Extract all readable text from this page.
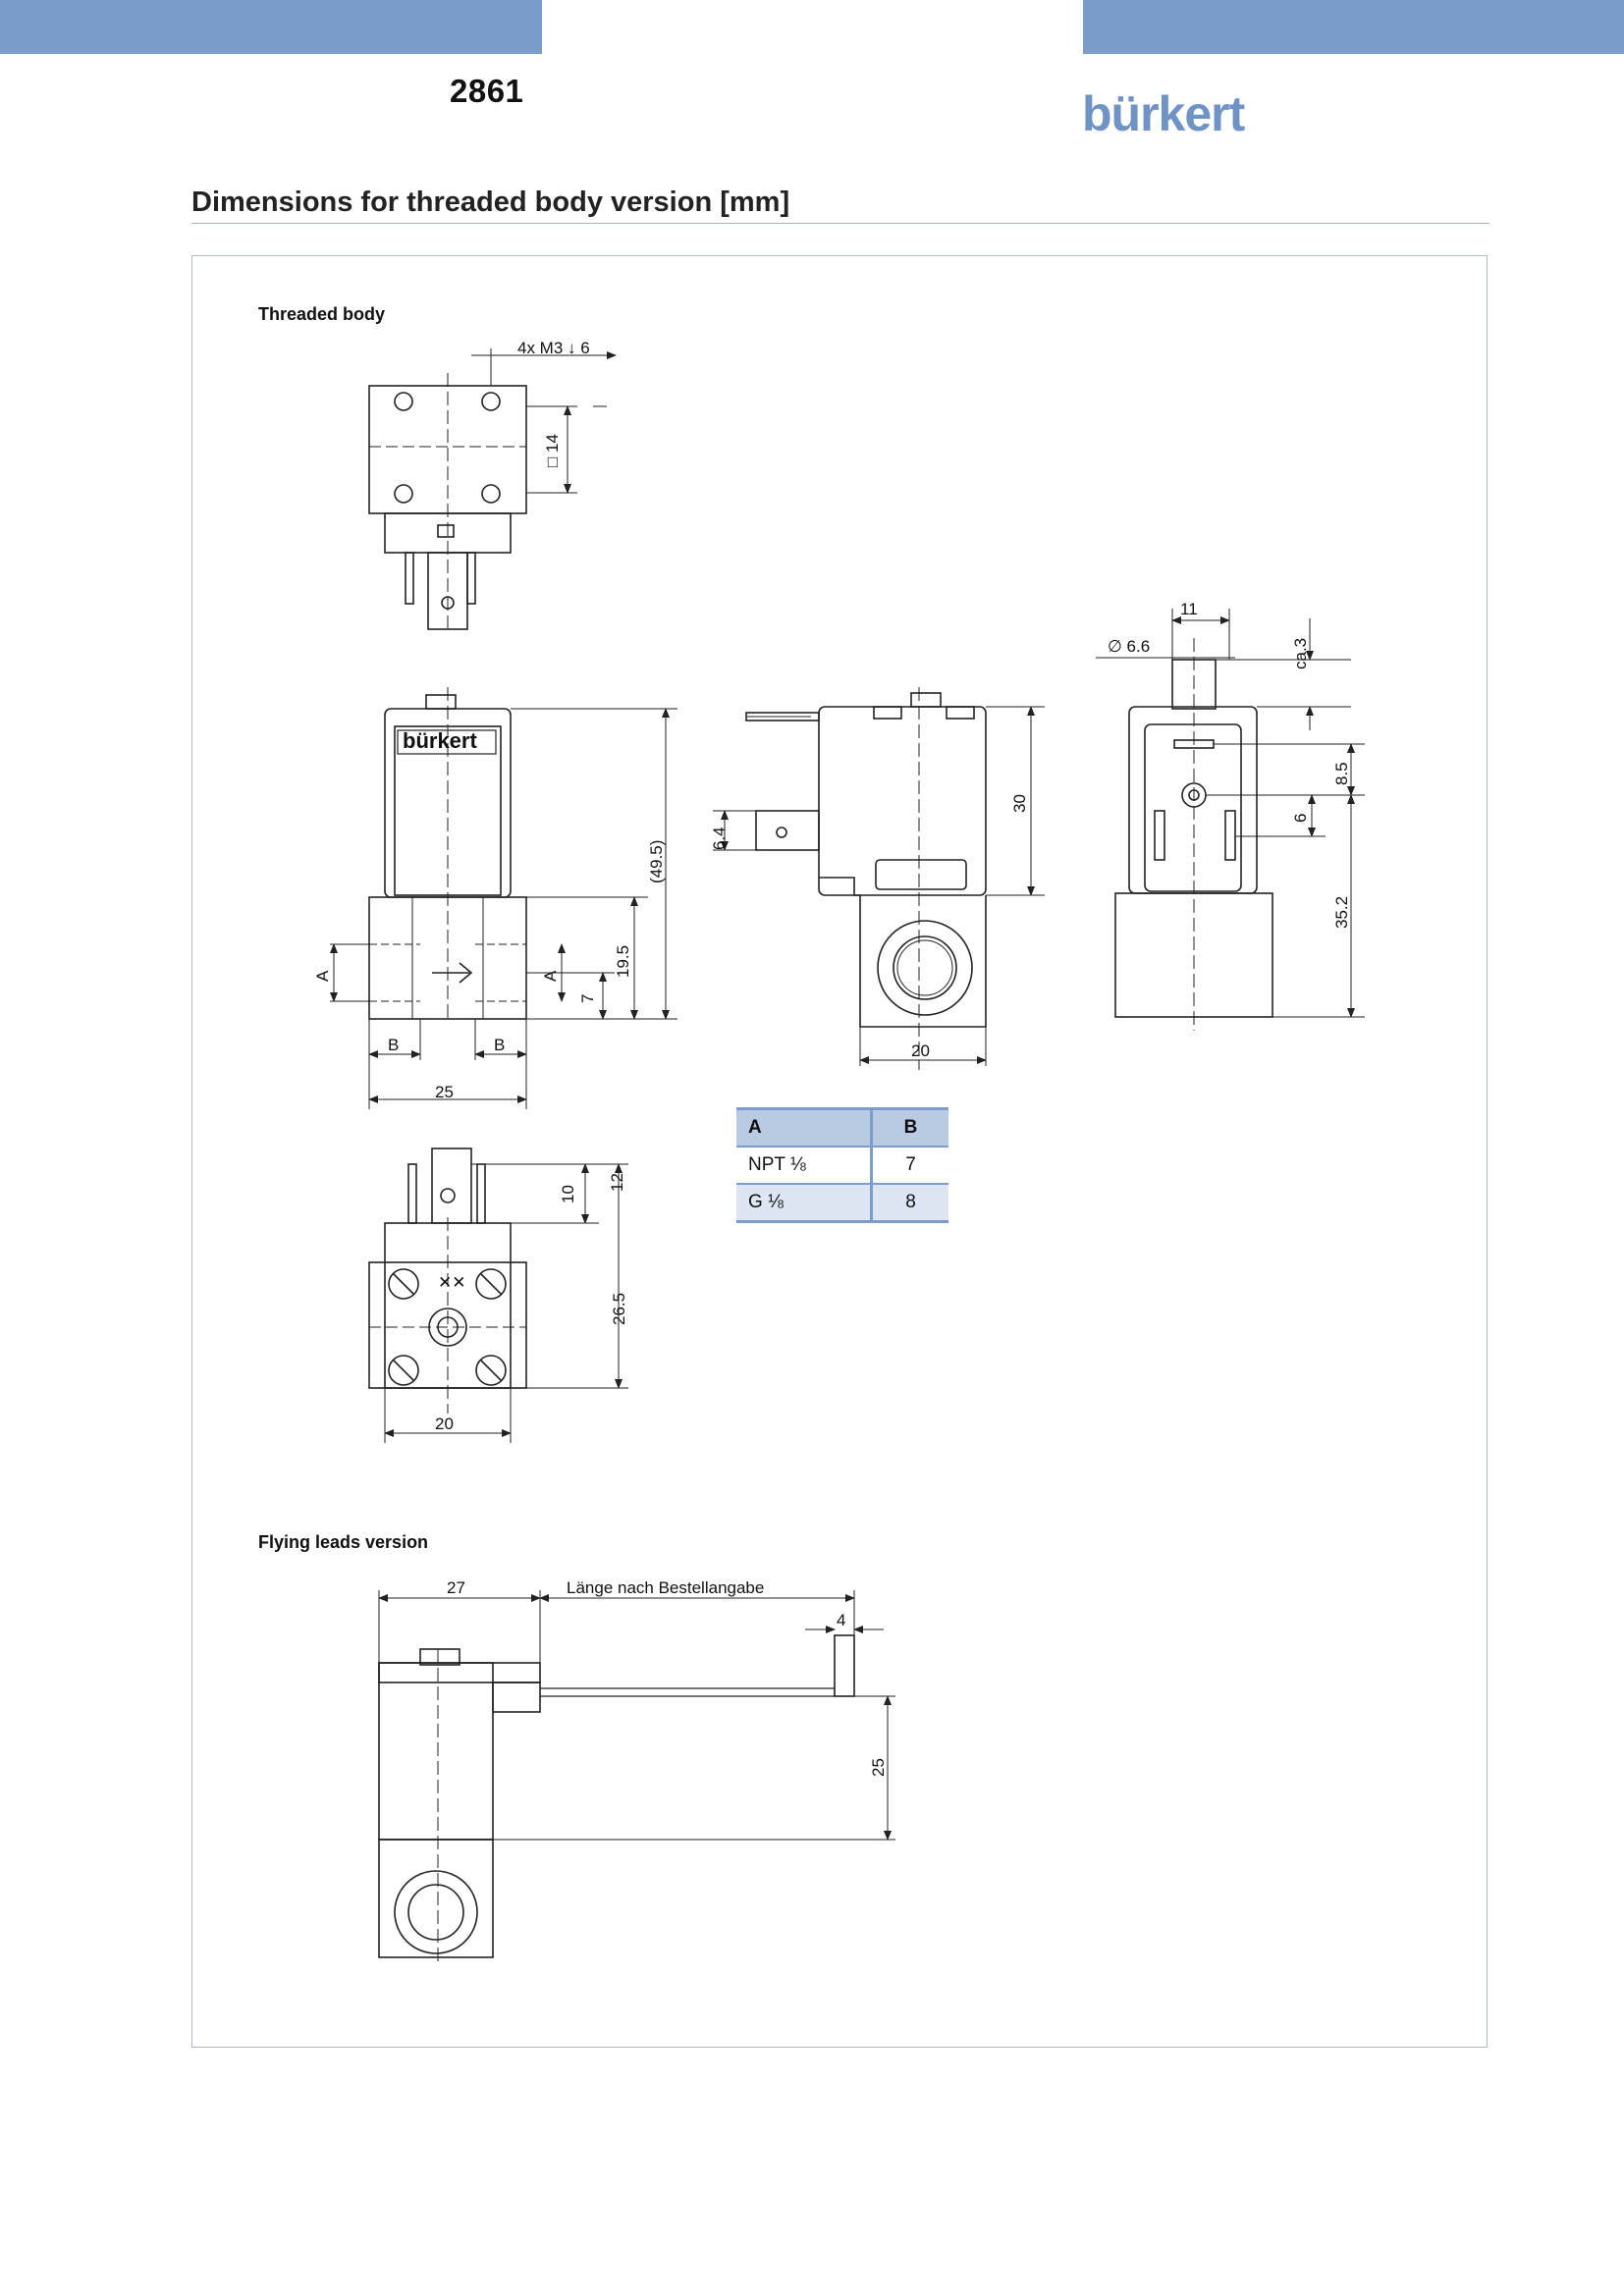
2861	bürkert
Dimensions for threaded body version [mm]
Threaded body
Flying leads version
✕✕
4x M3 ↓ 6
□ 14
∅ 6.6
11
ca.3
8.5
6
35.2
(49.5)
19.5
7
A	A
B	B
25
6.4
30
20
10
12
26.5
20
27	Länge nach Bestellangabe
4
25
bürkert
A	B
NPT ⅛	7
G ⅛	8
